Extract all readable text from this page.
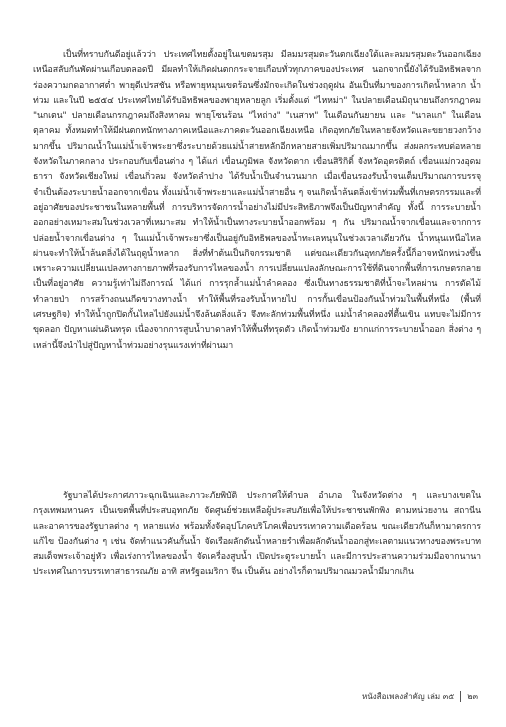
เป็นที่ทราบกันดีอยู่แล้วว่า ประเทศไทยตั้งอยู่ในเขตมรสุม มีลมมรสุมตะวันตกเฉียงใต้และลมมรสุมตะวันออกเฉียงเหนือสลับกันพัดผ่านเกือบตลอดปี มีผลทำให้เกิดฝนตกกระจายเกือบทั่วทุกภาคของประเทศ นอกจากนี้ยังได้รับอิทธิพลจากร่องความกดอากาศต่ำ พายุดีเปรสชัน หรือพายุหมุนเขตร้อนซึ่งมักจะเกิดในช่วงฤดูฝน อันเป็นที่มาของการเกิดน้ำหลาก น้ำท่วม และในปี ๒๕๕๔ ประเทศไทยได้รับอิทธิพลของพายุหลายลูก เริ่มตั้งแต่ "ไหหม่า" ในปลายเดือนมิถุนายนถึงกรกฎาคม "นกเตน" ปลายเดือนกรกฎาคมถึงสิงหาคม พายุโซนร้อน "ไหถ่าง" "เนสาท" ในเดือนกันยายน และ "นาลแก" ในเดือนตุลาคม ทั้งหมดทำให้มีฝนตกหนักทางภาคเหนือและภาคตะวันออกเฉียงเหนือ เกิดอุทกภัยในหลายจังหวัดและขยายวงกว้างมากขึ้น ปริมาณน้ำในแม่น้ำเจ้าพระยาซึ่งระบายด้วยแม่น้ำสายหลักอีกหลายสายเพิ่มปริมาณมากขึ้น ส่งผลกระทบต่อหลายจังหวัดในภาคกลาง ประกอบกับเขื่อนต่าง ๆ ได้แก่ เขื่อนภูมิพล จังหวัดตาก เขื่อนสิริกิติ์ จังหวัดอุตรดิตถ์ เขื่อนแม่กวงอุดมธารา จังหวัดเชียงใหม่ เขื่อนกิ่วลม จังหวัดลำปาง ได้รับน้ำเป็นจำนวนมาก เมื่อเขื่อนรองรับน้ำจนเต็มปริมาณการบรรจุ จำเป็นต้องระบายน้ำออกจากเขื่อน ทั้งแม่น้ำเจ้าพระยาและแม่น้ำสายอื่น ๆ จนเกิดน้ำล้นตลิ่งเข้าท่วมพื้นที่เกษตรกรรมและที่อยู่อาศัยของประชาชนในหลายพื้นที่ การบริหารจัดการน้ำอย่างไม่มีประสิทธิภาพจึงเป็นปัญหาสำคัญ ทั้งนี้ การระบายน้ำออกอย่างเหมาะสมในช่วงเวลาที่เหมาะสม ทำให้น้ำเป็นทางระบายน้ำออกพร้อม ๆ กัน ปริมาณน้ำจากเขื่อนและจากการปล่อยน้ำจากเขื่อนต่าง ๆ ในแม่น้ำเจ้าพระยาซึ่งเป็นอยู่กับอิทธิพลของน้ำทะเลหนุนในช่วงเวลาเดียวกัน น้ำหนุนเหนือไหลผ่านจะทำให้น้ำล้นตลิ่งได้ในฤดูน้ำหลาก สิ่งที่ทำต้นเป็นกิจกรรมชาติ แต่ขณะเดียวกันอุทกภัยครั้งนี้ก็อาจหนักหน่วงขึ้นเพราะความเปลี่ยนแปลงทางกายภาพที่รองรับการไหลของน้ำ การเปลี่ยนแปลงลักษณะการใช้ที่ดินจากพื้นที่การเกษตรกลายเป็นที่อยู่อาศัย ความรู้เท่าไม่ถึงการณ์ ได้แก่ การรุกล้ำแม่น้ำลำคลอง ซึ่งเป็นทางธรรมชาติที่น้ำจะไหลผ่าน การตัดไม้ทำลายป่า การสร้างถนนกีดขวางทางน้ำ ทำให้พื้นที่รองรับน้ำหายไป การกั้นเขื่อนป้องกันน้ำท่วมในพื้นที่หนึ่ง (พื้นที่เศรษฐกิจ) ทำให้น้ำถูกปิดกั้นไหลไปยังแม่น้ำจึงล้นตลิ่งแล้ว จึงทะลักท่วมพื้นที่หนึ่ง แม่น้ำลำคลองที่ตื้นเขิน แทบจะไม่มีการขุดลอก ปัญหาแผ่นดินทรุด เนื่องจากการสูบน้ำบาดาลทำให้พื้นที่ทรุดตัว เกิดน้ำท่วมขัง ยากแก่การระบายน้ำออก สิ่งต่าง ๆ เหล่านี้จึงนำไปสู่ปัญหาน้ำท่วมอย่างรุนแรงเท่าที่ผ่านมา

รัฐบาลได้ประกาศภาวะฉุกเฉินและภาวะภัยพิบัติ ประกาศให้ตำบล อำเภอ ในจังหวัดต่าง ๆ และบางเขตในกรุงเทพมหานคร เป็นเขตพื้นที่ประสบอุทกภัย จัดศูนย์ช่วยเหลือผู้ประสบภัยเพื่อให้ประชาชนพักพิง ตามหน่วยงาน สถานีน และอาคารของรัฐบาลต่าง ๆ หลายแห่ง พร้อมทั้งจัดอุปโภคบริโภคเพื่อบรรเทาความเดือดร้อน ขณะเดียวกันก็หามาตรการแก้ไข ป้องกันต่าง ๆ เช่น จัดทำแนวคันกั้นน้ำ จัดเรือผลักดันน้ำหลายรำเพื่อผลักดันน้ำออกสู่ทะเลตามแนวทางของพระบาทสมเด็จพระเจ้าอยู่หัว เพื่อเร่งการไหลของน้ำ จัดเครื่องสูบน้ำ เปิดประตูระบายน้ำ และมีการประสานความร่วมมือจากนานาประเทศในการบรรเทาสาธารณภัย อาทิ สหรัฐอเมริกา จีน เป็นต้น อย่างไรก็ตามปริมาณมวลน้ำมีมากเกิน

หนังสือเพลงสำคัญ เล่ม ๓๕ ๒๓
